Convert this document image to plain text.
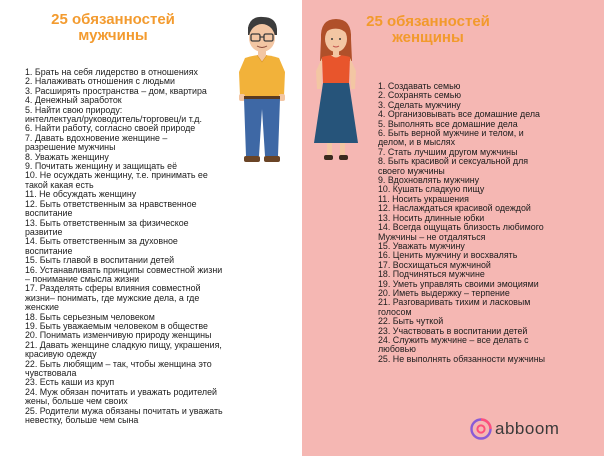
25 обязанностей
мужчины
25 обязанностей
женщины
1. Брать на себя лидерство в отношениях
2. Налаживать отношения с людьми
3. Расширять пространства – дом, квартира
4. Денежный заработок
5. Найти свою природу:
интеллектуал/руководитель/торговец/и т.д.
6. Найти работу, согласно своей природе
7. Давать вдохновение женщине –
разрешение мужчины
8. Уважать женщину
9. Почитать женщину и защищать её
10. Не осуждать женщину, т.е. принимать ее
такой какая есть
11. Не обсуждать женщину
12. Быть ответственным за нравственное
воспитание
13. Быть ответственным за физическое
развитие
14. Быть ответственным за духовное
воспитание
15. Быть главой в воспитании детей
16. Устанавливать принципы совместной жизни
– понимание смысла жизни
17. Разделять сферы влияния совместной
жизни– понимать, где мужские дела, а где
женские
18. Быть серьезным человеком
19. Быть уважаемым человеком в обществе
20. Понимать изменчивую природу женщины
21. Давать женщине сладкую пищу, украшения,
красивую одежду
22. Быть любящим – так, чтобы женщина это
чувствовала
23. Есть каши из круп
24. Муж обязан почитать и уважать родителей
жены, больше чем своих
25. Родители мужа обязаны почитать и уважать
невестку, больше чем сына
1. Создавать семью
2. Сохранять семью
3. Сделать мужчину
4. Организовывать все домашние дела
5. Выполнять все домашние дела
6. Быть верной мужчине и телом, и
делом, и в мыслях
7. Стать лучшим другом мужчины
8. Быть красивой и сексуальной для
своего мужчины
9. Вдохновлять мужчину
10. Кушать сладкую пищу
11. Носить украшения
12. Наслаждаться красивой одеждой
13. Носить длинные юбки
14. Всегда ощущать близость любимого
Мужчины – не отдаляться
15. Уважать мужчину
16. Ценить мужчину и восхвалять
17. Восхищаться мужчиной
18. Подчиняться мужчине
19. Уметь управлять своими эмоциями
20. Иметь выдержку – терпение
21. Разговаривать тихим и ласковым
голосом
22. Быть чуткой
23. Участвовать в воспитании детей
24. Служить мужчине – все делать с
любовью
25. Не выполнять обязанности мужчины
abboom
